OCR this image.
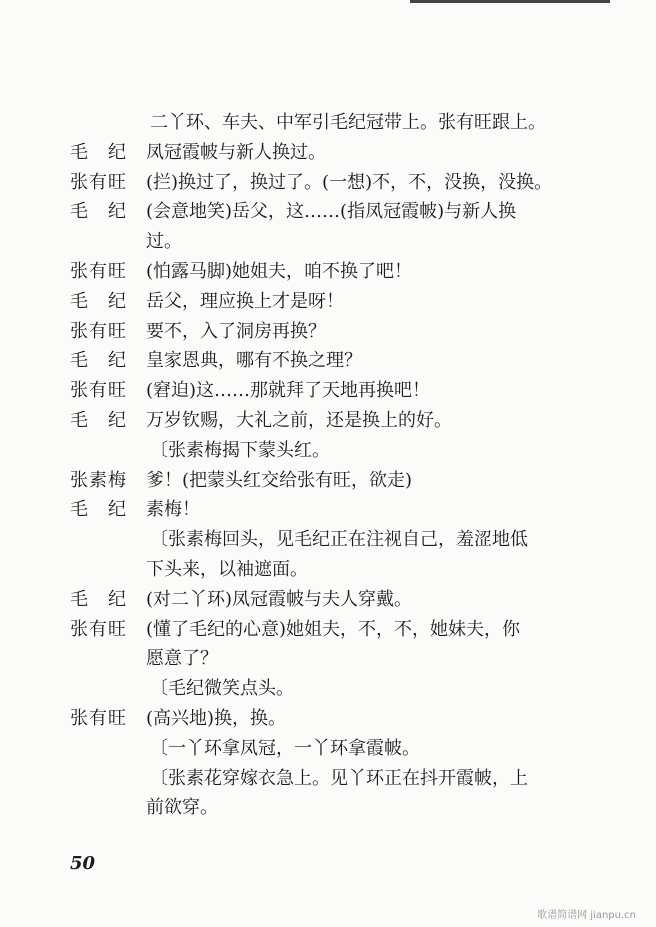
二丫环、车夫、中军引毛纪冠带上。张有旺跟上。
毛　纪	凤冠霞帔与新人换过。
张有旺	(拦)换过了，换过了。(一想)不，不，没换，没换。
毛　纪	(会意地笑)岳父，这……(指凤冠霞帔)与新人换
过。
张有旺	(怕露马脚)她姐夫，咱不换了吧！
毛　纪	岳父，理应换上才是呀！
张有旺	要不，入了洞房再换？
毛　纪	皇家恩典，哪有不换之理？
张有旺	(窘迫)这……那就拜了天地再换吧！
毛　纪	万岁钦赐，大礼之前，还是换上的好。
〔张素梅揭下蒙头红。
张素梅	爹！(把蒙头红交给张有旺，欲走)
毛　纪	素梅！
〔张素梅回头，见毛纪正在注视自己，羞涩地低
下头来，以袖遮面。
毛　纪	(对二丫环)凤冠霞帔与夫人穿戴。
张有旺	(懂了毛纪的心意)她姐夫，不，不，她妹夫，你
愿意了？
〔毛纪微笑点头。
张有旺	(高兴地)换，换。
〔一丫环拿凤冠，一丫环拿霞帔。
〔张素花穿嫁衣急上。见丫环正在抖开霞帔，上
前欲穿。
50
歌谱简谱网 jianpu.cn
